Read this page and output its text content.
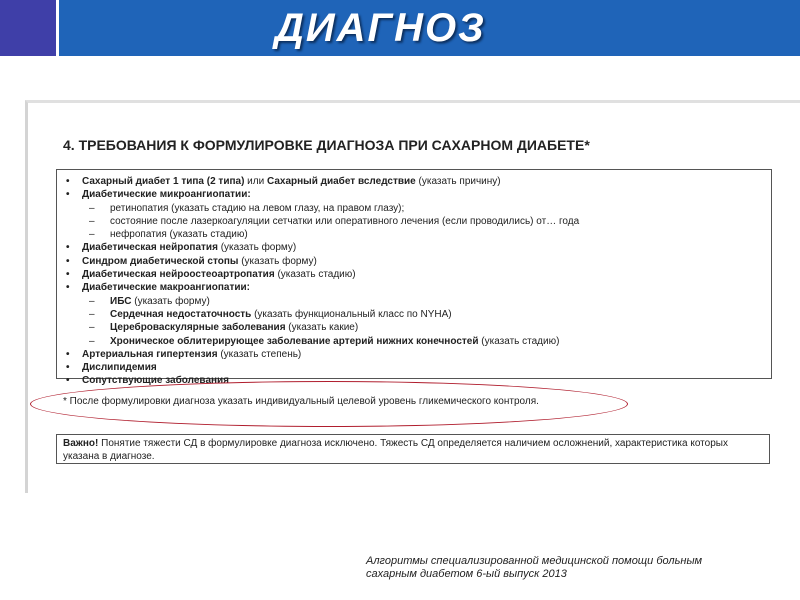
ДИАГНОЗ
4. ТРЕБОВАНИЯ К ФОРМУЛИРОВКЕ ДИАГНОЗА ПРИ САХАРНОМ ДИАБЕТЕ*
• Сахарный диабет 1 типа (2 типа) или Сахарный диабет вследствие (указать причину)
• Диабетические микроангиопатии:
– ретинопатия (указать стадию на левом глазу, на правом глазу);
– состояние после лазеркоагуляции сетчатки или оперативного лечения (если проводились) от… года
– нефропатия (указать стадию)
• Диабетическая нейропатия (указать форму)
• Синдром диабетической стопы (указать форму)
• Диабетическая нейроостеоартропатия (указать стадию)
• Диабетические макроангиопатии:
– ИБС (указать форму)
– Сердечная недостаточность (указать функциональный класс по NYHA)
– Цереброваскулярные заболевания (указать какие)
– Хроническое облитерирующее заболевание артерий нижних конечностей (указать стадию)
• Артериальная гипертензия (указать степень)
• Дислипидемия
• Сопутствующие заболевания
* После формулировки диагноза указать индивидуальный целевой уровень гликемического контроля.
Важно! Понятие тяжести СД в формулировке диагноза исключено. Тяжесть СД определяется наличием осложнений, характеристика которых указана в диагнозе.
Алгоритмы специализированной медицинской помощи больным
сахарным диабетом 6-ый выпуск 2013
